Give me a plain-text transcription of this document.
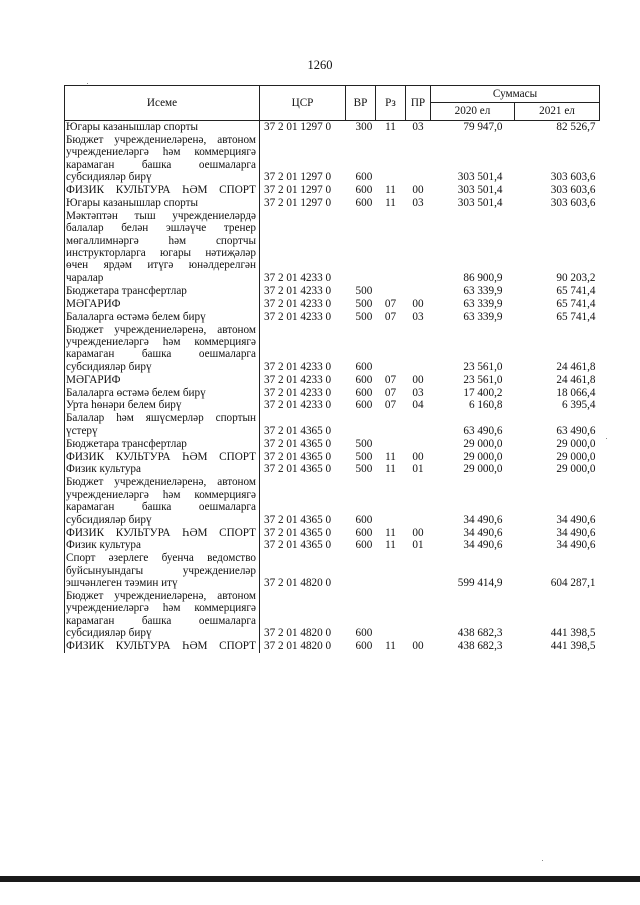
1260
Исеме	ЦСР	ВР	Рз	ПР	Суммасы	
					2020 ел	2021 ел
Югары казанышлар спорты	37 2 01 1297 0	300	11	03	79 947,0	82 526,7
Бюджет учреждениеләренә, автоном учреждениеләргә һәм коммерциягә карамаган башка оешмаларга субсидияләр бирү	37 2 01 1297 0	600			303 501,4	303 603,6
ФИЗИК КУЛЬТУРА ҺӘМ СПОРТ	37 2 01 1297 0	600	11	00	303 501,4	303 603,6
Югары казанышлар спорты	37 2 01 1297 0	600	11	03	303 501,4	303 603,6
Мәктәптән тыш учреждениеләрдә балалар белән эшләүче тренер мөгаллимнәргә һәм спортчы инструкторларга югары нәтиҗәләр өчен ярдәм итүгә юнәлдерелгән чаралар	37 2 01 4233 0				86 900,9	90 203,2
Бюджетара трансфертлар	37 2 01 4233 0	500			63 339,9	65 741,4
МӘГАРИФ	37 2 01 4233 0	500	07	00	63 339,9	65 741,4
Балаларга өстәмә белем бирү	37 2 01 4233 0	500	07	03	63 339,9	65 741,4
Бюджет учреждениеләренә, автоном учреждениеләргә һәм коммерциягә карамаган башка оешмаларга субсидияләр бирү	37 2 01 4233 0	600			23 561,0	24 461,8
МӘГАРИФ	37 2 01 4233 0	600	07	00	23 561,0	24 461,8
Балаларга өстәмә белем бирү	37 2 01 4233 0	600	07	03	17 400,2	18 066,4
Урта һөнәри белем бирү	37 2 01 4233 0	600	07	04	6 160,8	6 395,4
Балалар һәм яшүсмерләр спортын үстерү	37 2 01 4365 0				63 490,6	63 490,6
Бюджетара трансфертлар	37 2 01 4365 0	500			29 000,0	29 000,0
ФИЗИК КУЛЬТУРА ҺӘМ СПОРТ	37 2 01 4365 0	500	11	00	29 000,0	29 000,0
Физик культура	37 2 01 4365 0	500	11	01	29 000,0	29 000,0
Бюджет учреждениеләренә, автоном учреждениеләргә һәм коммерциягә карамаган башка оешмаларга субсидияләр бирү	37 2 01 4365 0	600			34 490,6	34 490,6
ФИЗИК КУЛЬТУРА ҺӘМ СПОРТ	37 2 01 4365 0	600	11	00	34 490,6	34 490,6
Физик культура	37 2 01 4365 0	600	11	01	34 490,6	34 490,6
Спорт әзерлеге буенча ведомство буйсынуындагы учреждениеләр эшчәнлеген тәэмин итү	37 2 01 4820 0				599 414,9	604 287,1
Бюджет учреждениеләренә, автоном учреждениеләргә һәм коммерциягә карамаган башка оешмаларга субсидияләр бирү	37 2 01 4820 0	600			438 682,3	441 398,5
ФИЗИК КУЛЬТУРА ҺӘМ СПОРТ	37 2 01 4820 0	600	11	00	438 682,3	441 398,5
